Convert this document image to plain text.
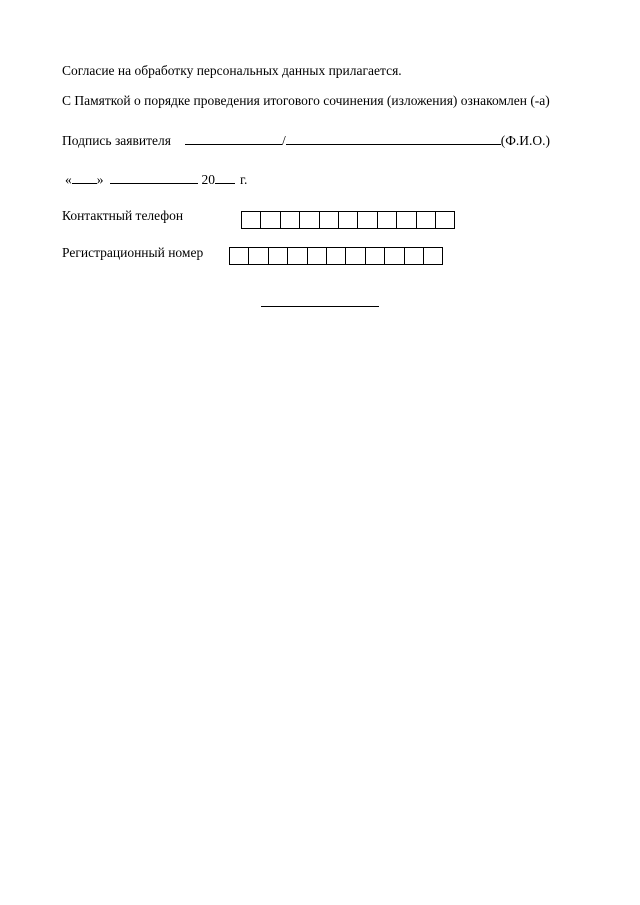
Согласие на обработку персональных данных прилагается.
С Памяткой о порядке проведения итогового сочинения (изложения) ознакомлен (-а)
Подпись заявителя	/	(Ф.И.О.)
« »	20 г.
Контактный телефон
Регистрационный номер
